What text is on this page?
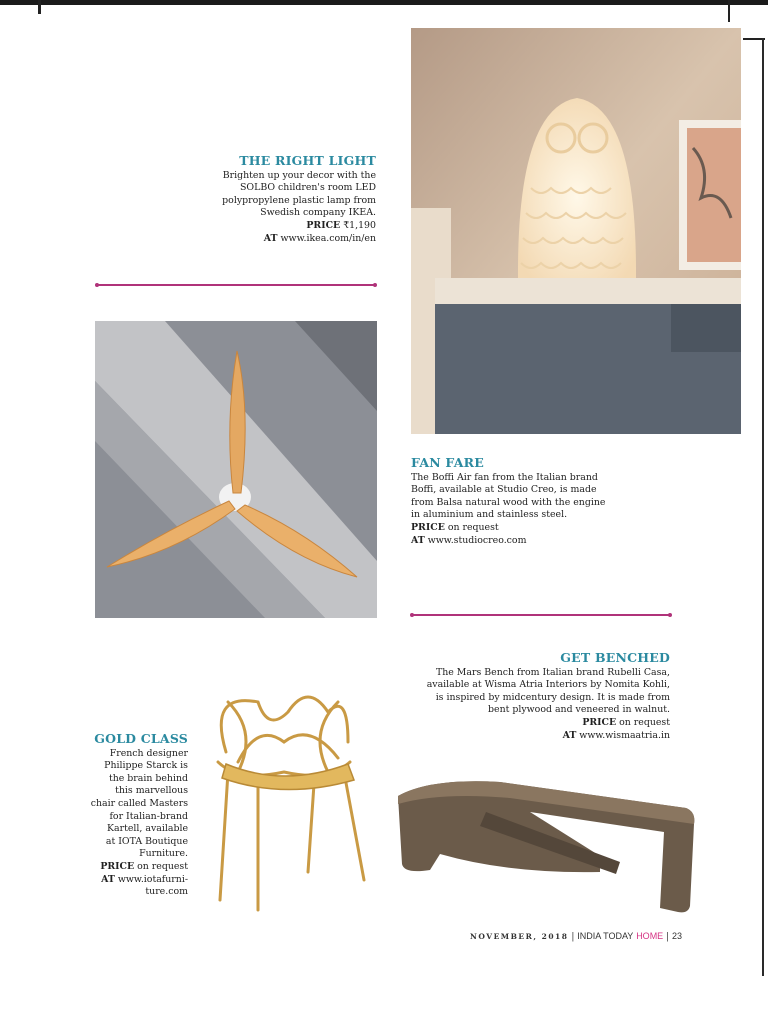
THE RIGHT LIGHT

Brighten up your decor with the

SOLBO children's room LED

polypropylene plastic lamp from

Swedish company IKEA.

PRICE ₹1,190

AT www.ikea.com/in/en

FAN FARE

The Boffi Air fan from the Italian brand

Boffi, available at Studio Creo, is made

from Balsa natural wood with the engine

in aluminium and stainless steel.

PRICE on request

AT www.studiocreo.com

GET BENCHED

The Mars Bench from Italian brand Rubelli Casa,

available at Wisma Atria Interiors by Nomita Kohli,

is inspired by midcentury design. It is made from

bent plywood and veneered in walnut.

PRICE on request

AT www.wismaatria.in

GOLD CLASS

French designer

Philippe Starck is

the brain behind

this marvellous

chair called Masters

for Italian-brand

Kartell, available

at IOTA Boutique

Furniture.

PRICE on request

AT www.iotafurni-

ture.com

NOVEMBER, 2018 | INDIA TODAY HOME | 23
